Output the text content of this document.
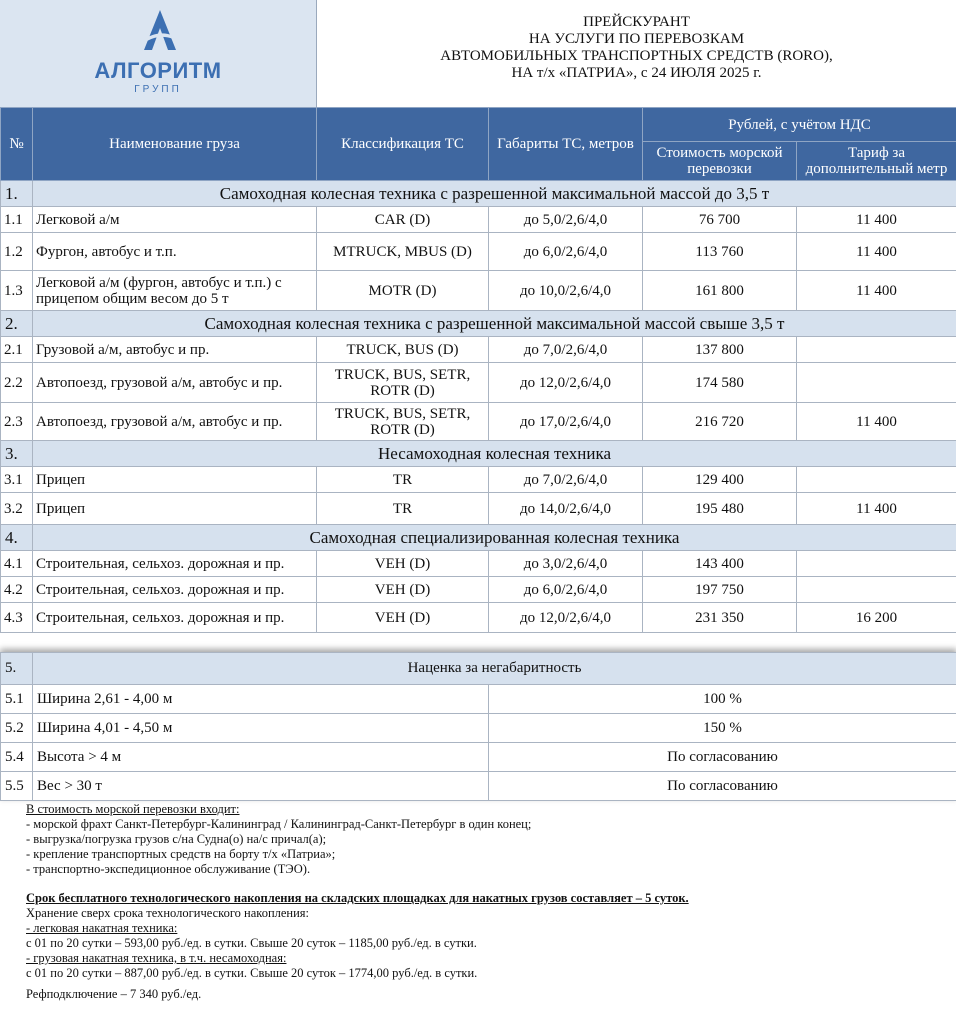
АЛГОРИТМ
ГРУПП
ПРЕЙСКУРАНТ
НА УСЛУГИ ПО ПЕРЕВОЗКАМ
АВТОМОБИЛЬНЫХ ТРАНСПОРТНЫХ СРЕДСТВ (RORO),
НА т/х «ПАТРИА», с 24 ИЮЛЯ 2025 г.
№	Наименование груза	Классификация ТС	Габариты ТС, метров	Рублей, с учётом НДС	
				Стоимость морской перевозки	Тариф за дополнительный метр
1.	Самоходная колесная техника с разрешенной максимальной массой до 3,5 т				
1.1	Легковой а/м	CAR (D)	до 5,0/2,6/4,0	76 700	11 400
1.2	Фургон, автобус и т.п.	MTRUCK, MBUS (D)	до 6,0/2,6/4,0	113 760	11 400
1.3	Легковой а/м (фургон, автобус и т.п.) с прицепом общим весом до 5 т	MOTR (D)	до 10,0/2,6/4,0	161 800	11 400
2.	Самоходная колесная техника с разрешенной максимальной массой свыше 3,5 т				
2.1	Грузовой а/м, автобус и пр.	TRUCK, BUS (D)	до 7,0/2,6/4,0	137 800	
2.2	Автопоезд, грузовой а/м, автобус и пр.	TRUCK, BUS, SETR, ROTR (D)	до 12,0/2,6/4,0	174 580	
2.3	Автопоезд, грузовой а/м, автобус и пр.	TRUCK, BUS, SETR, ROTR (D)	до 17,0/2,6/4,0	216 720	11 400
3.	Несамоходная колесная техника				
3.1	Прицеп	TR	до 7,0/2,6/4,0	129 400	
3.2	Прицеп	TR	до 14,0/2,6/4,0	195 480	11 400
4.	Самоходная специализированная колесная техника				
4.1	Строительная, сельхоз. дорожная и пр.	VEH (D)	до 3,0/2,6/4,0	143 400	
4.2	Строительная, сельхоз. дорожная и пр.	VEH (D)	до 6,0/2,6/4,0	197 750	
4.3	Строительная, сельхоз. дорожная и пр.	VEH (D)	до 12,0/2,6/4,0	231 350	16 200
5.	Наценка за негабаритность	
5.1	Ширина 2,61 - 4,00 м	100 %
5.2	Ширина 4,01 - 4,50 м	150 %
5.4	Высота > 4 м	По согласованию
5.5	Вес > 30 т	По согласованию
В стоимость морской перевозки входит:
- морской фрахт Санкт-Петербург-Калининград / Калининград-Санкт-Петербург в один конец;
- выгрузка/погрузка грузов с/на Судна(о) на/с причал(а);
- крепление транспортных средств на борту т/х «Патриа»;
- транспортно-экспедиционное обслуживание (ТЭО).
Срок бесплатного технологического накопления на складских площадках для накатных грузов составляет – 5 суток.
Хранение сверх срока технологического накопления:
- легковая накатная техника:
с 01 по 20 сутки – 593,00 руб./ед. в сутки. Свыше 20 суток – 1185,00 руб./ед. в сутки.
- грузовая накатная техника, в т.ч. несамоходная:
с 01 по 20 сутки – 887,00 руб./ед. в сутки. Свыше 20 суток – 1774,00 руб./ед. в сутки.
Рефподключение – 7 340 руб./ед.
